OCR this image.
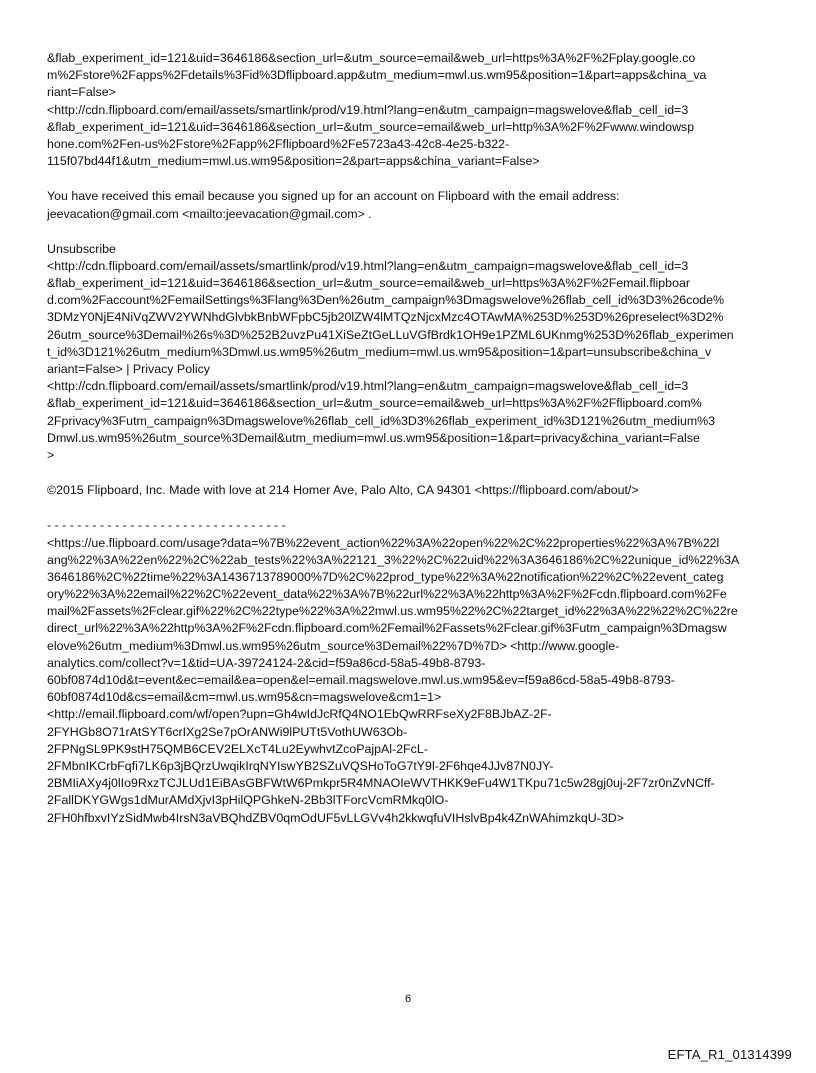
&flab_experiment_id=121&uid=3646186&section_url=&utm_source=email&web_url=https%3A%2F%2Fplay.google.co
m%2Fstore%2Fapps%2Fdetails%3Fid%3Dflipboard.app&utm_medium=mwl.us.wm95&position=1&part=apps&china_va
riant=False>
<http://cdn.flipboard.com/email/assets/smartlink/prod/v19.html?lang=en&utm_campaign=magswelove&flab_cell_id=3
&flab_experiment_id=121&uid=3646186&section_url=&utm_source=email&web_url=http%3A%2F%2Fwww.windowsp
hone.com%2Fen-us%2Fstore%2Fapp%2Fflipboard%2Fe5723a43-42c8-4e25-b322-
115f07bd44f1&utm_medium=mwl.us.wm95&position=2&part=apps&china_variant=False>
You have received this email because you signed up for an account on Flipboard with the email address:
jeevacation@gmail.com <mailto:jeevacation@gmail.com> .
Unsubscribe
<http://cdn.flipboard.com/email/assets/smartlink/prod/v19.html?lang=en&utm_campaign=magswelove&flab_cell_id=3
&flab_experiment_id=121&uid=3646186&section_url=&utm_source=email&web_url=https%3A%2F%2Femail.flipboar
d.com%2Faccount%2FemailSettings%3Flang%3Den%26utm_campaign%3Dmagswelove%26flab_cell_id%3D3%26code%
3DMzY0NjE4NiVqZWV2YWNhdGlvbkBnbWFpbC5jb20lZW4lMTQzNjcxMzc4OTAwMA%253D%253D%26preselect%3D2%
26utm_source%3Demail%26s%3D%252B2uvzPu41XiSeZtGeLLuVGfBrdk1OH9e1PZML6UKnmg%253D%26flab_experimen
t_id%3D121%26utm_medium%3Dmwl.us.wm95%26utm_medium=mwl.us.wm95&position=1&part=unsubscribe&china_v
ariant=False> | Privacy Policy
<http://cdn.flipboard.com/email/assets/smartlink/prod/v19.html?lang=en&utm_campaign=magswelove&flab_cell_id=3
&flab_experiment_id=121&uid=3646186&section_url=&utm_source=email&web_url=https%3A%2F%2Fflipboard.com%
2Fprivacy%3Futm_campaign%3Dmagswelove%26flab_cell_id%3D3%26flab_experiment_id%3D121%26utm_medium%3
Dmwl.us.wm95%26utm_source%3Demail&utm_medium=mwl.us.wm95&position=1&part=privacy&china_variant=False
>
©2015 Flipboard, Inc. Made with love at 214 Homer Ave, Palo Alto, CA 94301 <https://flipboard.com/about/>
- - - - - - - - - - - - - - - - - - - - - - - - - - - - - - - -
<https://ue.flipboard.com/usage?data=%7B%22event_action%22%3A%22open%22%2C%22properties%22%3A%7B%22l
ang%22%3A%22en%22%2C%22ab_tests%22%3A%22121_3%22%2C%22uid%22%3A3646186%2C%22unique_id%22%3A
3646186%2C%22time%22%3A1436713789000%7D%2C%22prod_type%22%3A%22notification%22%2C%22event_categ
ory%22%3A%22email%22%2C%22event_data%22%3A%7B%22url%22%3A%22http%3A%2F%2Fcdn.flipboard.com%2Fe
mail%2Fassets%2Fclear.gif%22%2C%22type%22%3A%22mwl.us.wm95%22%2C%22target_id%22%3A%22%22%2C%22re
direct_url%22%3A%22http%3A%2F%2Fcdn.flipboard.com%2Femail%2Fassets%2Fclear.gif%3Futm_campaign%3Dmagsw
elove%26utm_medium%3Dmwl.us.wm95%26utm_source%3Demail%22%7D%7D> <http://www.google-
analytics.com/collect?v=1&tid=UA-39724124-2&cid=f59a86cd-58a5-49b8-8793-
60bf0874d10d&t=event&ec=email&ea=open&el=email.magswelove.mwl.us.wm95&ev=f59a86cd-58a5-49b8-8793-
60bf0874d10d&cs=email&cm=mwl.us.wm95&cn=magswelove&cm1=1>
<http://email.flipboard.com/wf/open?upn=Gh4wIdJcRfQ4NO1EbQwRRFseXy2F8BJbAZ-2F-
2FYHGb8O71rAtSYT6crIXg2Se7pOrANWi9lPUTt5VothUW63Ob-
2FPNgSL9PK9stH75QMB6CEV2ELXcT4Lu2EywhvtZcoPajpAl-2FcL-
2FMbnIKCrbFqfi7LK6p3jBQrzUwqikIrqNYIswYB2SZuVQSHoToG7tY9l-2F6hqe4JJv87N0JY-
2BMIiAXy4j0lIo9RxzTCJLUd1EiBAsGBFWtW6Pmkpr5R4MNAOIeWVTHKK9eFu4W1TKpu71c5w28gj0uj-2F7zr0nZvNCff-
2FallDKYGWgs1dMurAMdXjvI3pHilQPGhkeN-2Bb3lTForcVcmRMkq0lO-
2FH0hfbxvIYzSidMwb4IrsN3aVBQhdZBV0qmOdUF5vLLGVv4h2kkwqfuVIHslvBp4k4ZnWAhimzkqU-3D>
6
EFTA_R1_01314399
